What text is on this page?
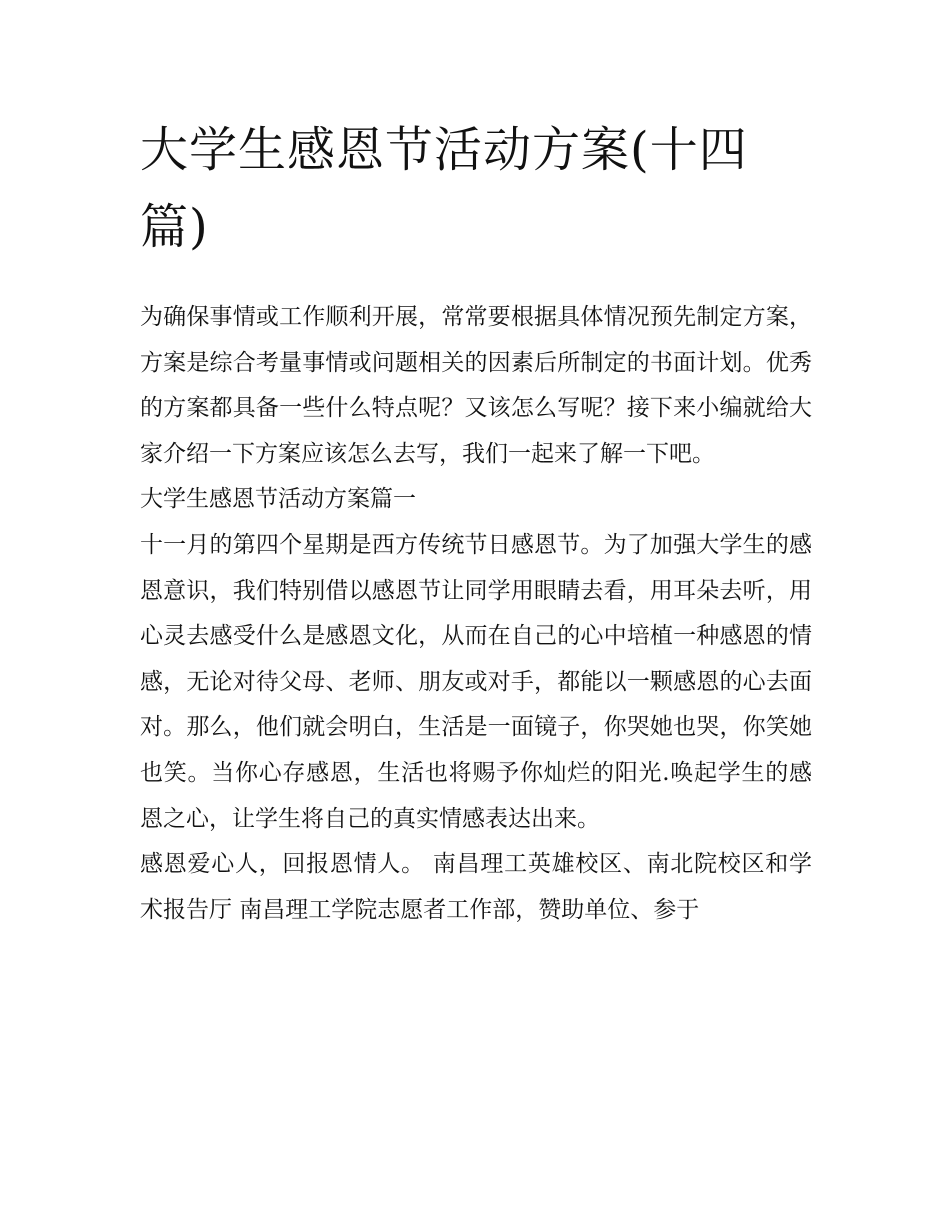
大学生感恩节活动方案(十四篇)

为确保事情或工作顺利开展，常常要根据具体情况预先制定方案，方案是综合考量事情或问题相关的因素后所制定的书面计划。优秀的方案都具备一些什么特点呢？又该怎么写呢？接下来小编就给大家介绍一下方案应该怎么去写，我们一起来了解一下吧。

大学生感恩节活动方案篇一

十一月的第四个星期是西方传统节日感恩节。为了加强大学生的感恩意识，我们特别借以感恩节让同学用眼睛去看，用耳朵去听，用心灵去感受什么是感恩文化，从而在自己的心中培植一种感恩的情感，无论对待父母、老师、朋友或对手，都能以一颗感恩的心去面对。那么，他们就会明白，生活是一面镜子，你哭她也哭，你笑她也笑。当你心存感恩，生活也将赐予你灿烂的阳光.唤起学生的感恩之心，让学生将自己的真实情感表达出来。

感恩爱心人，回报恩情人。 南昌理工英雄校区、南北院校区和学术报告厅 南昌理工学院志愿者工作部，赞助单位、参于
